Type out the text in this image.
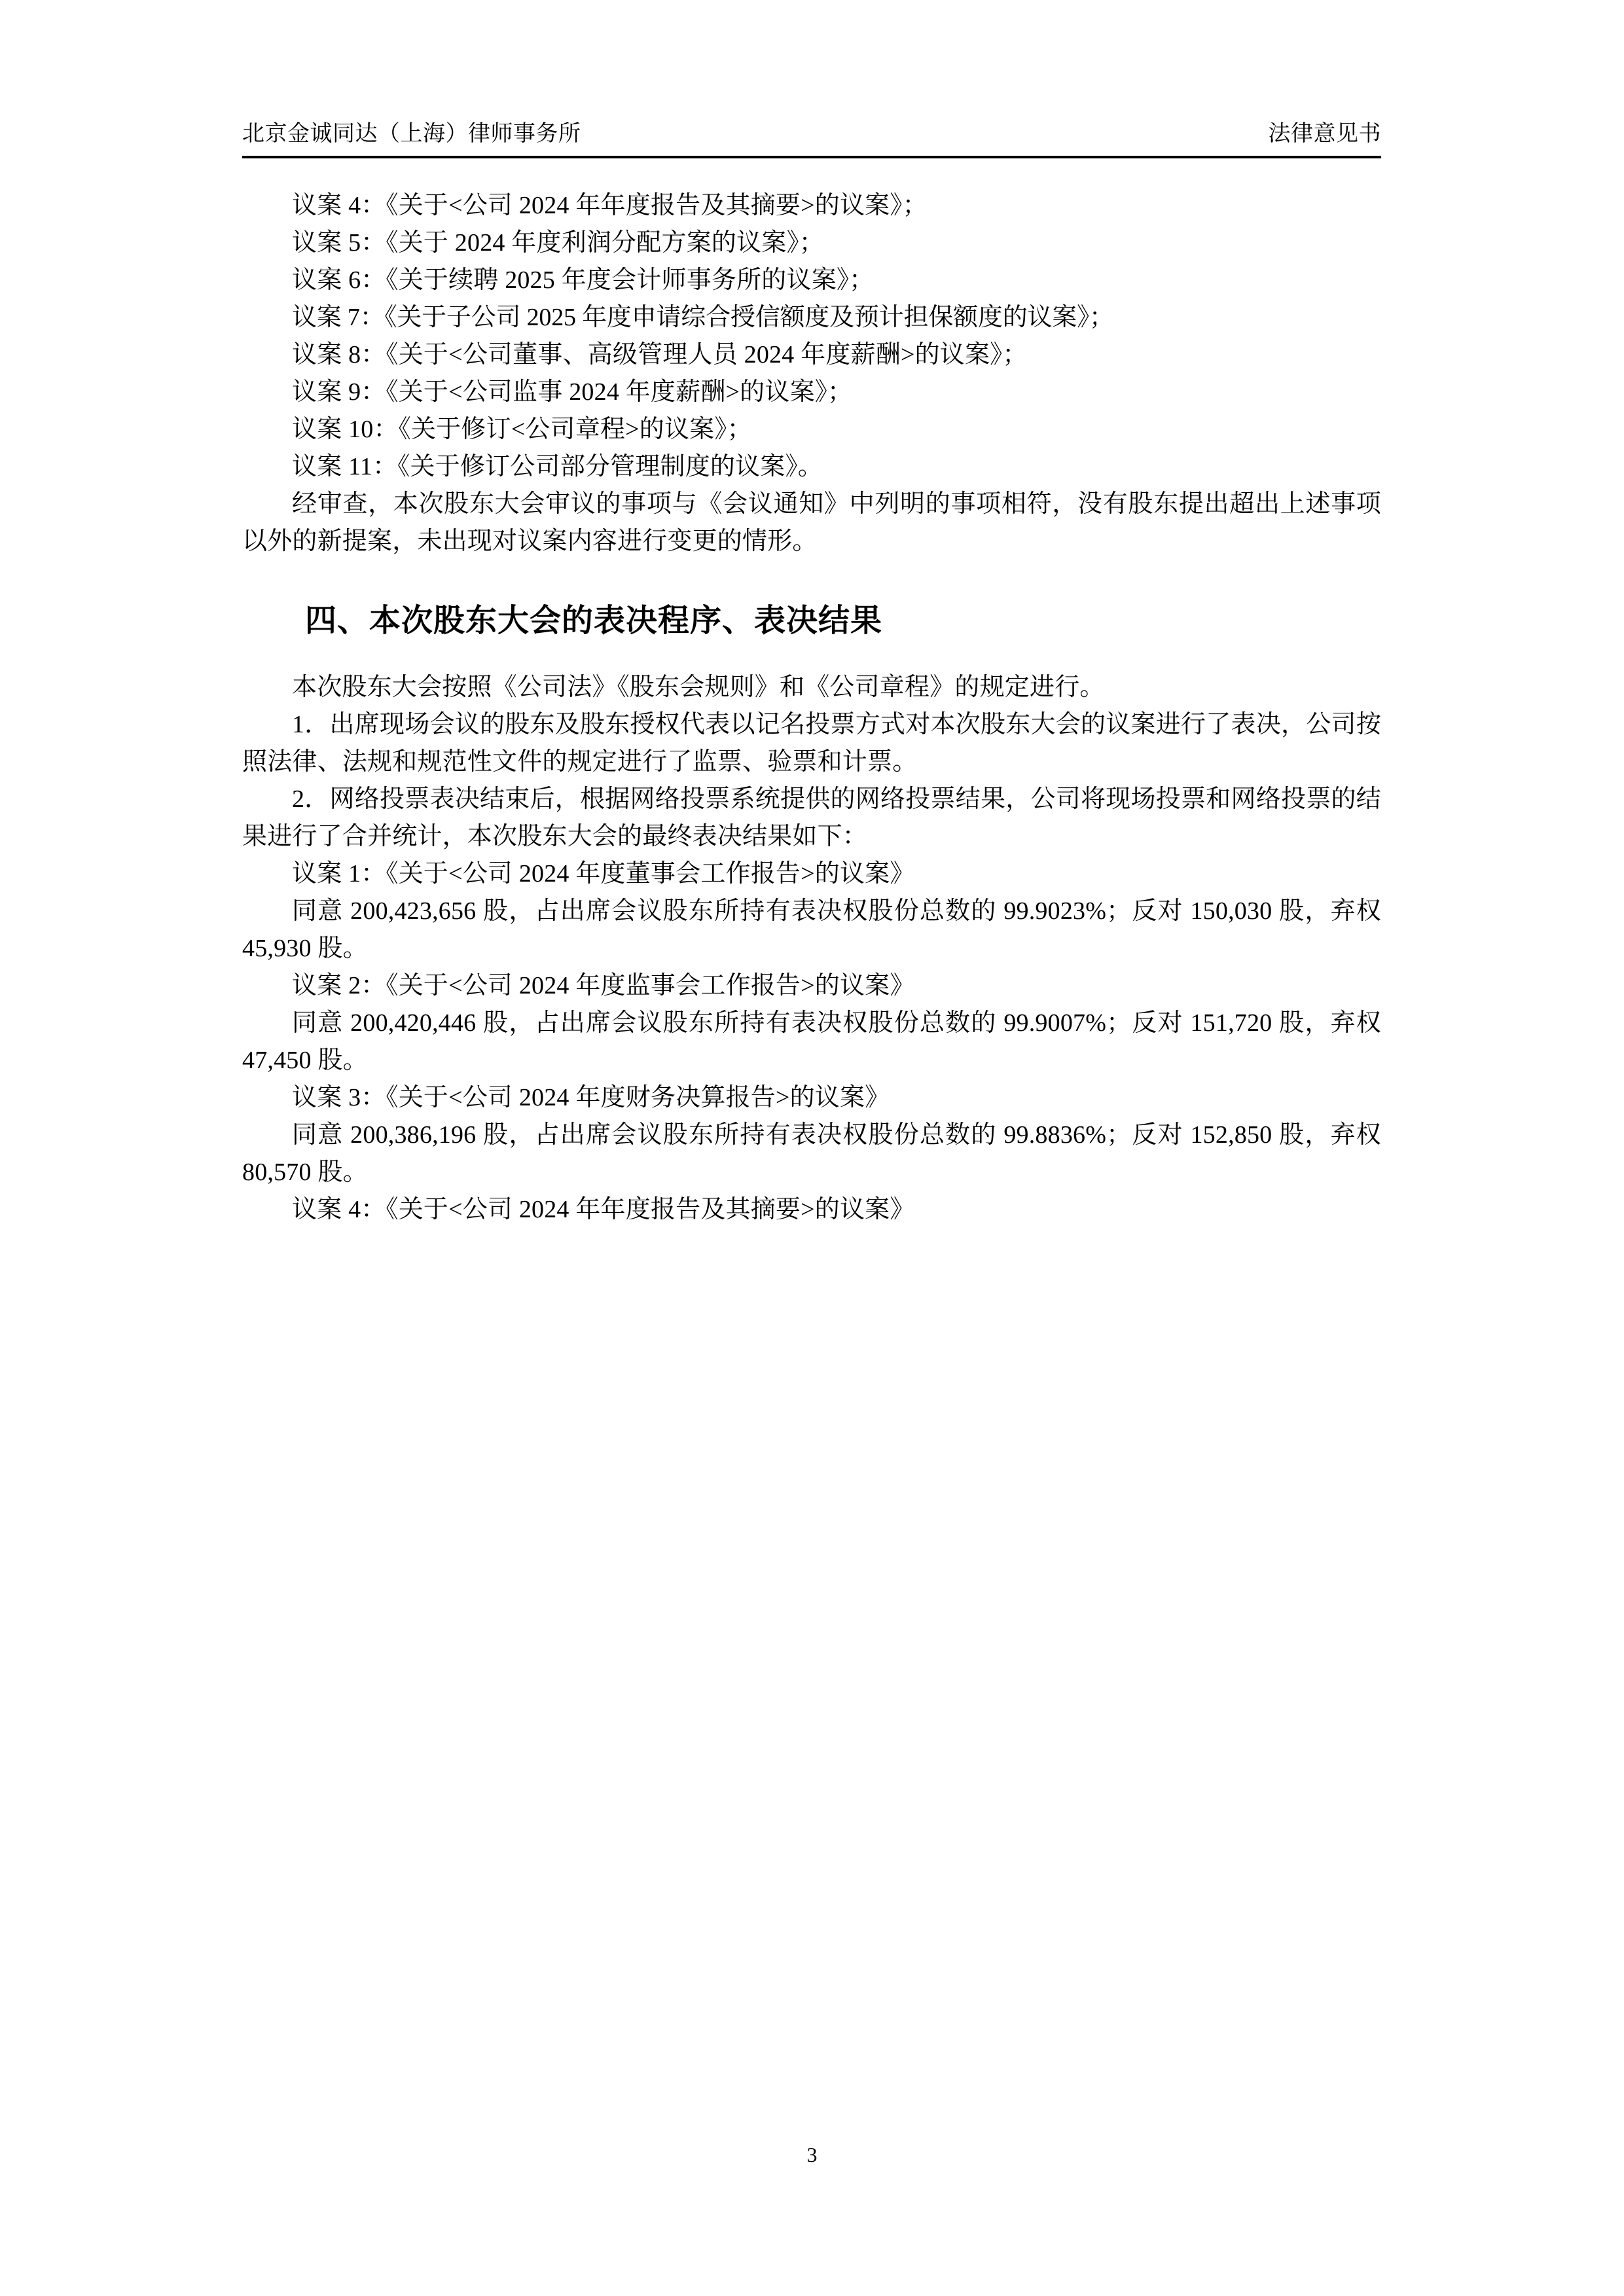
北京金诚同达（上海）律师事务所	法律意见书

议案 4：《关于<公司 2024 年年度报告及其摘要>的议案》；

议案 5：《关于 2024 年度利润分配方案的议案》；

议案 6：《关于续聘 2025 年度会计师事务所的议案》；

议案 7：《关于子公司 2025 年度申请综合授信额度及预计担保额度的议案》；

议案 8：《关于<公司董事、高级管理人员 2024 年度薪酬>的议案》；

议案 9：《关于<公司监事 2024 年度薪酬>的议案》；

议案 10：《关于修订<公司章程>的议案》；

议案 11：《关于修订公司部分管理制度的议案》。

经审查，本次股东大会审议的事项与《会议通知》中列明的事项相符，没有股东提出超出上述事项以外的新提案，未出现对议案内容进行变更的情形。

四、本次股东大会的表决程序、表决结果

本次股东大会按照《公司法》《股东会规则》和《公司章程》的规定进行。

1．出席现场会议的股东及股东授权代表以记名投票方式对本次股东大会的议案进行了表决，公司按照法律、法规和规范性文件的规定进行了监票、验票和计票。

2．网络投票表决结束后，根据网络投票系统提供的网络投票结果，公司将现场投票和网络投票的结果进行了合并统计，本次股东大会的最终表决结果如下：

议案 1：《关于<公司 2024 年度董事会工作报告>的议案》

同意 200,423,656 股，占出席会议股东所持有表决权股份总数的 99.9023%；反对 150,030 股，弃权 45,930 股。

议案 2：《关于<公司 2024 年度监事会工作报告>的议案》

同意 200,420,446 股，占出席会议股东所持有表决权股份总数的 99.9007%；反对 151,720 股，弃权 47,450 股。

议案 3：《关于<公司 2024 年度财务决算报告>的议案》

同意 200,386,196 股，占出席会议股东所持有表决权股份总数的 99.8836%；反对 152,850 股，弃权 80,570 股。

议案 4：《关于<公司 2024 年年度报告及其摘要>的议案》

3
